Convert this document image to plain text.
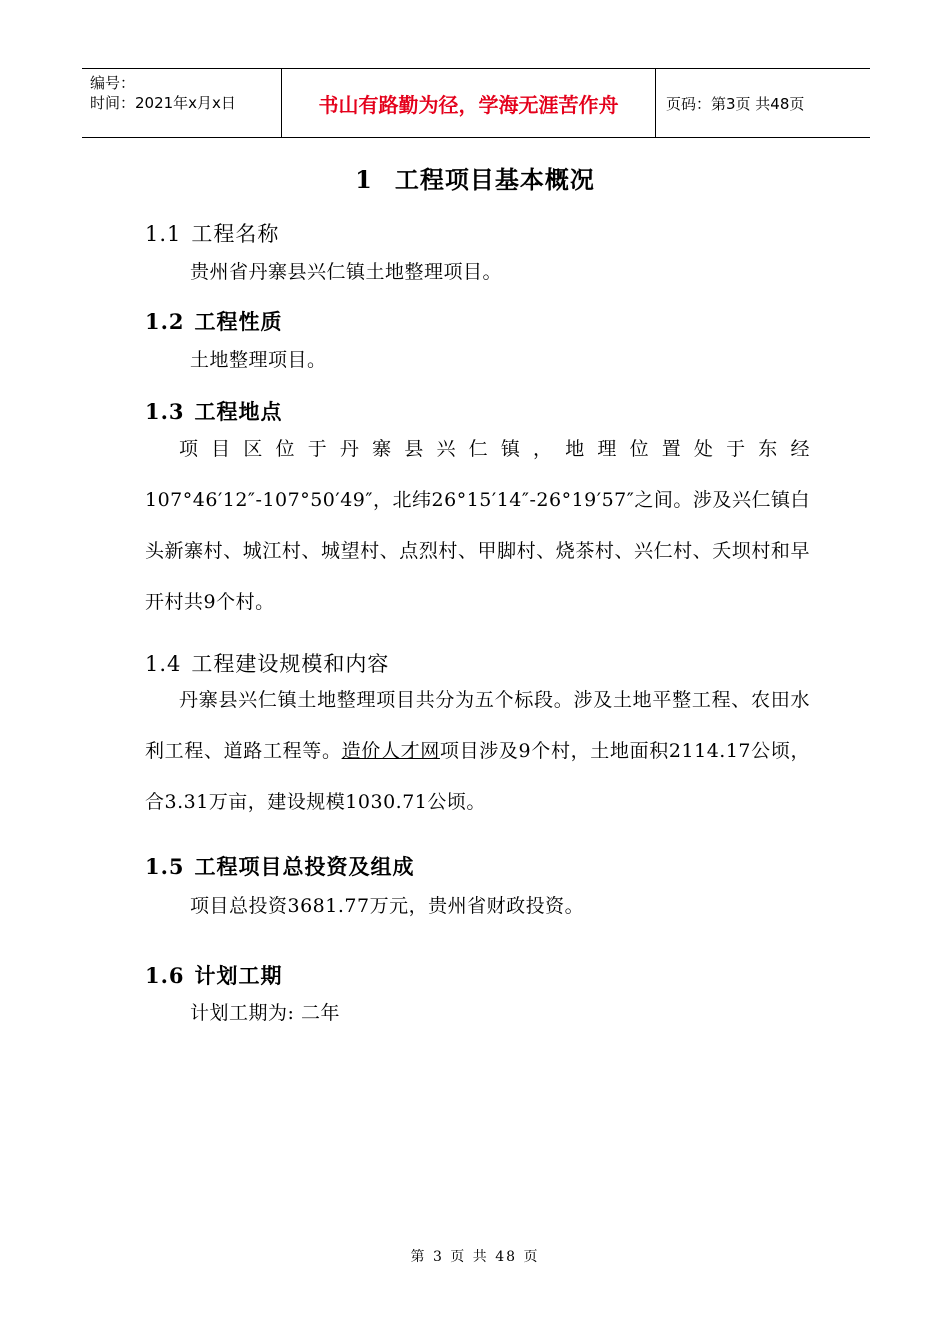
编号：
时间：2021年x月x日	书山有路勤为径，学海无涯苦作舟	页码：第3页 共48页
1 工程项目基本概况
1.1 工程名称
贵州省丹寨县兴仁镇土地整理项目。
1.2 工程性质
土地整理项目。
1.3 工程地点
项目区位于丹寨县兴仁镇，地理位置处于东经107°46′12″-107°50′49″，北纬26°15′14″-26°19′57″之间。涉及兴仁镇白头新寨村、城江村、城望村、点烈村、甲脚村、烧茶村、兴仁村、夭坝村和早开村共9个村。
1.4 工程建设规模和内容
丹寨县兴仁镇土地整理项目共分为五个标段。涉及土地平整工程、农田水利工程、道路工程等。造价人才网项目涉及9个村，土地面积2114.17公顷，合3.31万亩，建设规模1030.71公顷。
1.5 工程项目总投资及组成
项目总投资3681.77万元，贵州省财政投资。
1.6 计划工期
计划工期为: 二年
第 3 页 共 48 页
